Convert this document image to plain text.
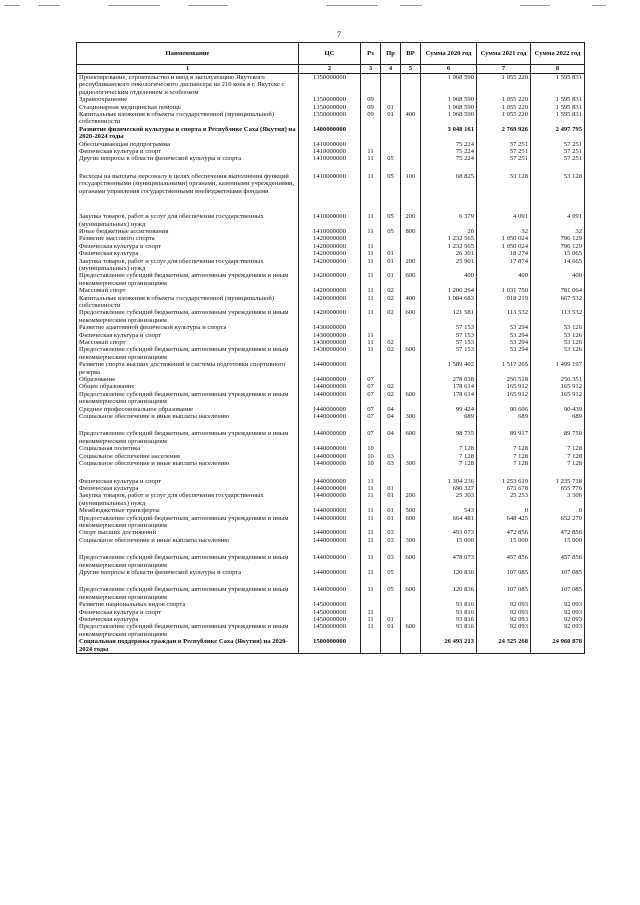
7
Наименование	ЦС	Рз	Пр	ВР	Сумма 2020 год	Сумма 2021 год	Сумма 2022 год
1	2	3	4	5	6	7	8
Проектирование, строительство и ввод в эксплуатацию Якутского республиканского онкологического диспансера на 210 коек в г. Якутске с радиологическим отделением и хозблоком	1350000000				1 968 590	1 055 220	1 595 831
Здравоохранение	1350000000	09			1 968 590	1 055 220	1 595 831
Стационарная медицинская помощь	1350000000	09	01		1 968 590	1 055 220	1 595 831
Капитальные вложения в объекты государственной (муниципальной) собственности	1350000000	09	01	400	1 968 590	1 055 220	1 595 831
Развитие физической культуры и спорта в Республике Саха (Якутия) на 2020-2024 годы	1400000000				3 048 161	2 769 926	2 497 795
Обеспечивающая подпрограмма	1410000000				75 224	57 251	57 251
Физическая культура и спорт	1410000000	11			75 224	57 251	57 251
Другие вопросы в области физической культуры и спорта	1410000000	11	05		75 224	57 251	57 251
Расходы на выплаты персоналу в целях обеспечения выполнения функций государственными (муниципальными) органами, казенными учреждениями, органами управления государственными внебюджетными фондами	1410000000	11	05	100	68 825	53 128	53 128
Закупка товаров, работ и услуг для обеспечения государственных (муниципальных) нужд	1410000000	11	05	200	6 379	4 091	4 091
Иные бюджетные ассигнования	1410000000	11	05	800	20	32	32
Развитие массового спорта	1420000000				1 232 565	1 050 024	796 129
Физическая культура и спорт	1420000000	11			1 232 565	1 050 024	796 129
Физическая культура	1420000000	11	01		26 301	18 274	15 065
Закупка товаров, работ и услуг для обеспечения государственных (муниципальных) нужд	1420000000	11	01	200	25 901	17 874	14 665
Предоставление субсидий бюджетным, автономным учреждениям и иным некоммерческим организациям	1420000000	11	01	600	400	400	400
Массовый спорт	1420000000	11	02		1 206 264	1 031 750	781 064
Капитальные вложения в объекты государственной (муниципальной) собственности	1420000000	11	02	400	1 084 683	918 219	667 532
Предоставление субсидий бюджетным, автономным учреждениям и иным некоммерческим организациям	1420000000	11	02	600	121 581	113 532	113 532
Развитие адаптивной физической культуры и спорта	1430000000				57 153	53 294	53 126
Физическая культура и спорт	1430000000	11			57 153	53 294	53 126
Массовый спорт	1430000000	11	02		57 153	53 294	53 126
Предоставление субсидий бюджетным, автономным учреждениям и иным некоммерческим организациям	1430000000	11	02	600	57 153	53 294	53 126
Развитие спорта высших достижений и системы подготовки спортивного резерва	1440000000				1 589 402	1 517 265	1 499 197
Образование	1440000000	07			278 038	256 518	256 351
Общее образование	1440000000	07	02		178 614	165 912	165 912
Предоставление субсидий бюджетным, автономным учреждениям и иным некоммерческим организациям	1440000000	07	02	600	178 614	165 912	165 912
Среднее профессиональное образование	1440000000	07	04		99 424	90 606	90 439
Социальное обеспечение и иные выплаты населению	1440000000	07	04	300	689	689	689
Предоставление субсидий бюджетным, автономным учреждениям и иным некоммерческим организациям	1440000000	07	04	600	98 735	89 917	89 750
Социальная политика	1440000000	10			7 128	7 128	7 128
Социальное обеспечение населения	1440000000	10	03		7 128	7 128	7 128
Социальное обеспечение и иные выплаты населению	1440000000	10	03	300	7 128	7 128	7 128
Физическая культура и спорт	1440000000	11			1 304 236	1 253 619	1 235 718
Физическая культура	1440000000	11	01		690 327	673 678	655 776
Закупка товаров, работ и услуг для обеспечения государственных (муниципальных) нужд	1440000000	11	01	200	25 303	25 253	3 506
Межбюджетные трансферты	1440000000	11	01	500	543	0	0
Предоставление субсидий бюджетным, автономным учреждениям и иным некоммерческим организациям	1440000000	11	01	600	664 481	648 425	652 270
Спорт высших достижений	1440000000	11	03		493 073	472 856	472 856
Социальное обеспечение и иные выплаты населению	1440000000	11	03	300	15 000	15 000	15 000
Предоставление субсидий бюджетным, автономным учреждениям и иным некоммерческим организациям	1440000000	11	03	600	478 073	457 856	457 856
Другие вопросы в области физической культуры и спорта	1440000000	11	05		120 836	107 085	107 085
Предоставление субсидий бюджетным, автономным учреждениям и иным некоммерческим организациям	1440000000	11	05	600	120 836	107 085	107 085
Развитие национальных видов спорта	1450000000				93 816	92 093	92 093
Физическая культура и спорт	1450000000	11			93 816	92 093	92 093
Физическая культура	1450000000	11	01		93 816	92 093	92 093
Предоставление субсидий бюджетным, автономным учреждениям и иным некоммерческим организациям	1450000000	11	01	600	93 816	92 093	92 093
Социальная поддержка граждан в Республике Саха (Якутия) на 2020-2024 годы	1500000000				26 493 213	24 325 268	24 960 878
